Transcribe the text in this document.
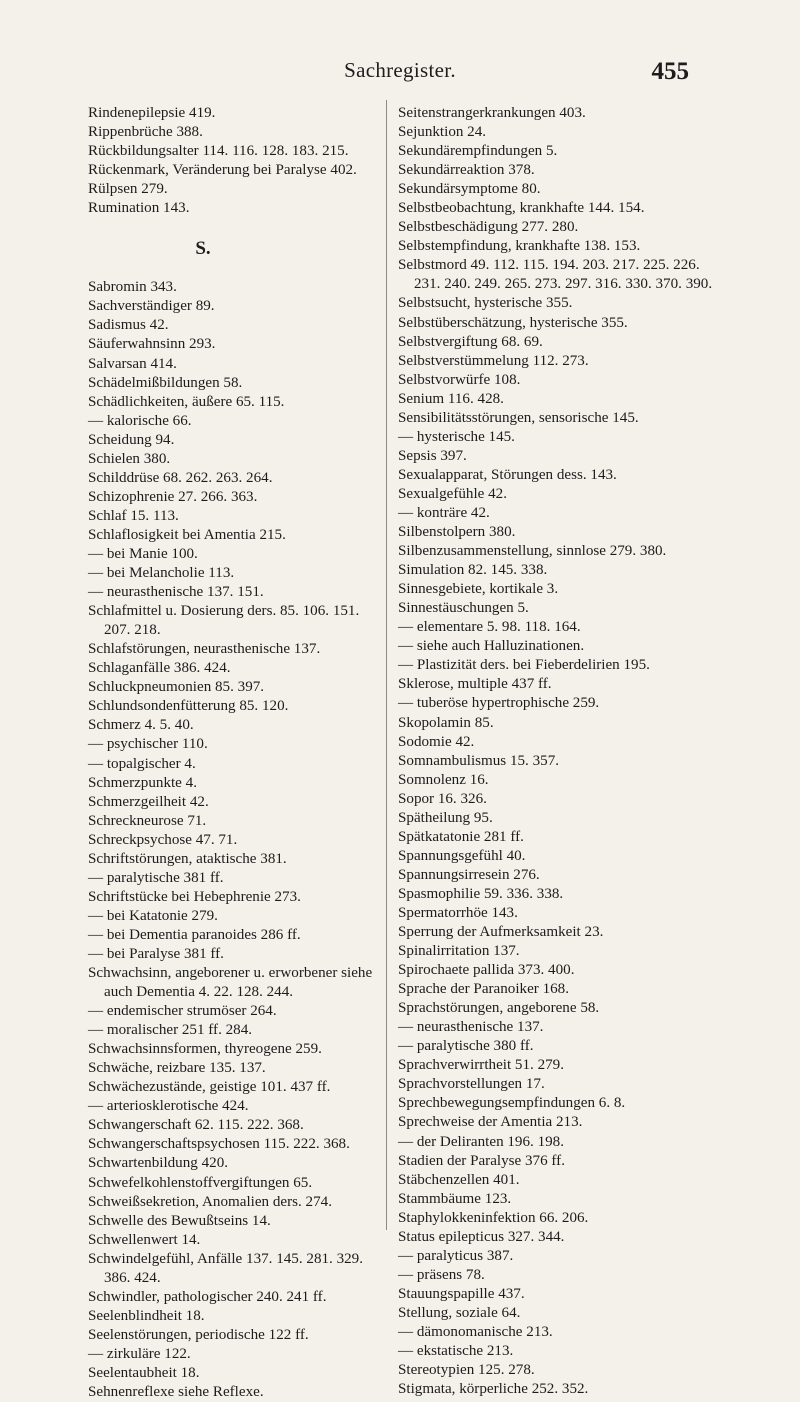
Sachregister.	455
Rindenepilepsie 419.
Rippenbrüche 388.
Rückbildungsalter 114. 116. 128. 183. 215.
Rückenmark, Veränderung bei Paralyse 402.
Rülpsen 279.
Rumination 143.
S.
Sabromin 343.
Sachverständiger 89.
Sadismus 42.
Säuferwahnsinn 293.
Salvarsan 414.
Schädelmißbildungen 58.
Schädlichkeiten, äußere 65. 115.
— kalorische 66.
Scheidung 94.
Schielen 380.
Schilddrüse 68. 262. 263. 264.
Schizophrenie 27. 266. 363.
Schlaf 15. 113.
Schlaflosigkeit bei Amentia 215.
— bei Manie 100.
— bei Melancholie 113.
— neurasthenische 137. 151.
Schlafmittel u. Dosierung ders. 85. 106. 151. 207. 218.
Schlafstörungen, neurasthenische 137.
Schlaganfälle 386. 424.
Schluckpneumonien 85. 397.
Schlundsondenfütterung 85. 120.
Schmerz 4. 5. 40.
— psychischer 110.
— topalgischer 4.
Schmerzpunkte 4.
Schmerzgeilheit 42.
Schreckneurose 71.
Schreckpsychose 47. 71.
Schriftstörungen, ataktische 381.
— paralytische 381 ff.
Schriftstücke bei Hebephrenie 273.
— bei Katatonie 279.
— bei Dementia paranoides 286 ff.
— bei Paralyse 381 ff.
Schwachsinn, angeborener u. erworbener siehe auch Dementia 4. 22. 128. 244.
— endemischer strumöser 264.
— moralischer 251 ff. 284.
Schwachsinnsformen, thyreogene 259.
Schwäche, reizbare 135. 137.
Schwächezustände, geistige 101. 437 ff.
— arteriosklerotische 424.
Schwangerschaft 62. 115. 222. 368.
Schwangerschaftspsychosen 115. 222. 368.
Schwartenbildung 420.
Schwefelkohlenstoffvergiftungen 65.
Schweißsekretion, Anomalien ders. 274.
Schwelle des Bewußtseins 14.
Schwellenwert 14.
Schwindelgefühl, Anfälle 137. 145. 281. 329. 386. 424.
Schwindler, pathologischer 240. 241 ff.
Seelenblindheit 18.
Seelenstörungen, periodische 122 ff.
— zirkuläre 122.
Seelentaubheit 18.
Sehnenreflexe siehe Reflexe.
Seitenstrangerkrankungen 403.
Sejunktion 24.
Sekundärempfindungen 5.
Sekundärreaktion 378.
Sekundärsymptome 80.
Selbstbeobachtung, krankhafte 144. 154.
Selbstbeschädigung 277. 280.
Selbstempfindung, krankhafte 138. 153.
Selbstmord 49. 112. 115. 194. 203. 217. 225. 226. 231. 240. 249. 265. 273. 297. 316. 330. 370. 390.
Selbstsucht, hysterische 355.
Selbstüberschätzung, hysterische 355.
Selbstvergiftung 68. 69.
Selbstverstümmelung 112. 273.
Selbstvorwürfe 108.
Senium 116. 428.
Sensibilitätsstörungen, sensorische 145.
— hysterische 145.
Sepsis 397.
Sexualapparat, Störungen dess. 143.
Sexualgefühle 42.
— konträre 42.
Silbenstolpern 380.
Silbenzusammenstellung, sinnlose 279. 380.
Simulation 82. 145. 338.
Sinnesgebiete, kortikale 3.
Sinnestäuschungen 5.
— elementare 5. 98. 118. 164.
— siehe auch Halluzinationen.
— Plastizität ders. bei Fieberdelirien 195.
Sklerose, multiple 437 ff.
— tuberöse hypertrophische 259.
Skopolamin 85.
Sodomie 42.
Somnambulismus 15. 357.
Somnolenz 16.
Sopor 16. 326.
Spätheilung 95.
Spätkatatonie 281 ff.
Spannungsgefühl 40.
Spannungsirresein 276.
Spasmophilie 59. 336. 338.
Spermatorrhöe 143.
Sperrung der Aufmerksamkeit 23.
Spinalirritation 137.
Spirochaete pallida 373. 400.
Sprache der Paranoiker 168.
Sprachstörungen, angeborene 58.
— neurasthenische 137.
— paralytische 380 ff.
Sprachverwirrtheit 51. 279.
Sprachvorstellungen 17.
Sprechbewegungsempfindungen 6. 8.
Sprechweise der Amentia 213.
— der Deliranten 196. 198.
Stadien der Paralyse 376 ff.
Stäbchenzellen 401.
Stammbäume 123.
Staphylokkeninfektion 66. 206.
Status epilepticus 327. 344.
— paralyticus 387.
— präsens 78.
Stauungspapille 437.
Stellung, soziale 64.
— dämonomanische 213.
— ekstatische 213.
Stereotypien 125. 278.
Stigmata, körperliche 252. 352.
